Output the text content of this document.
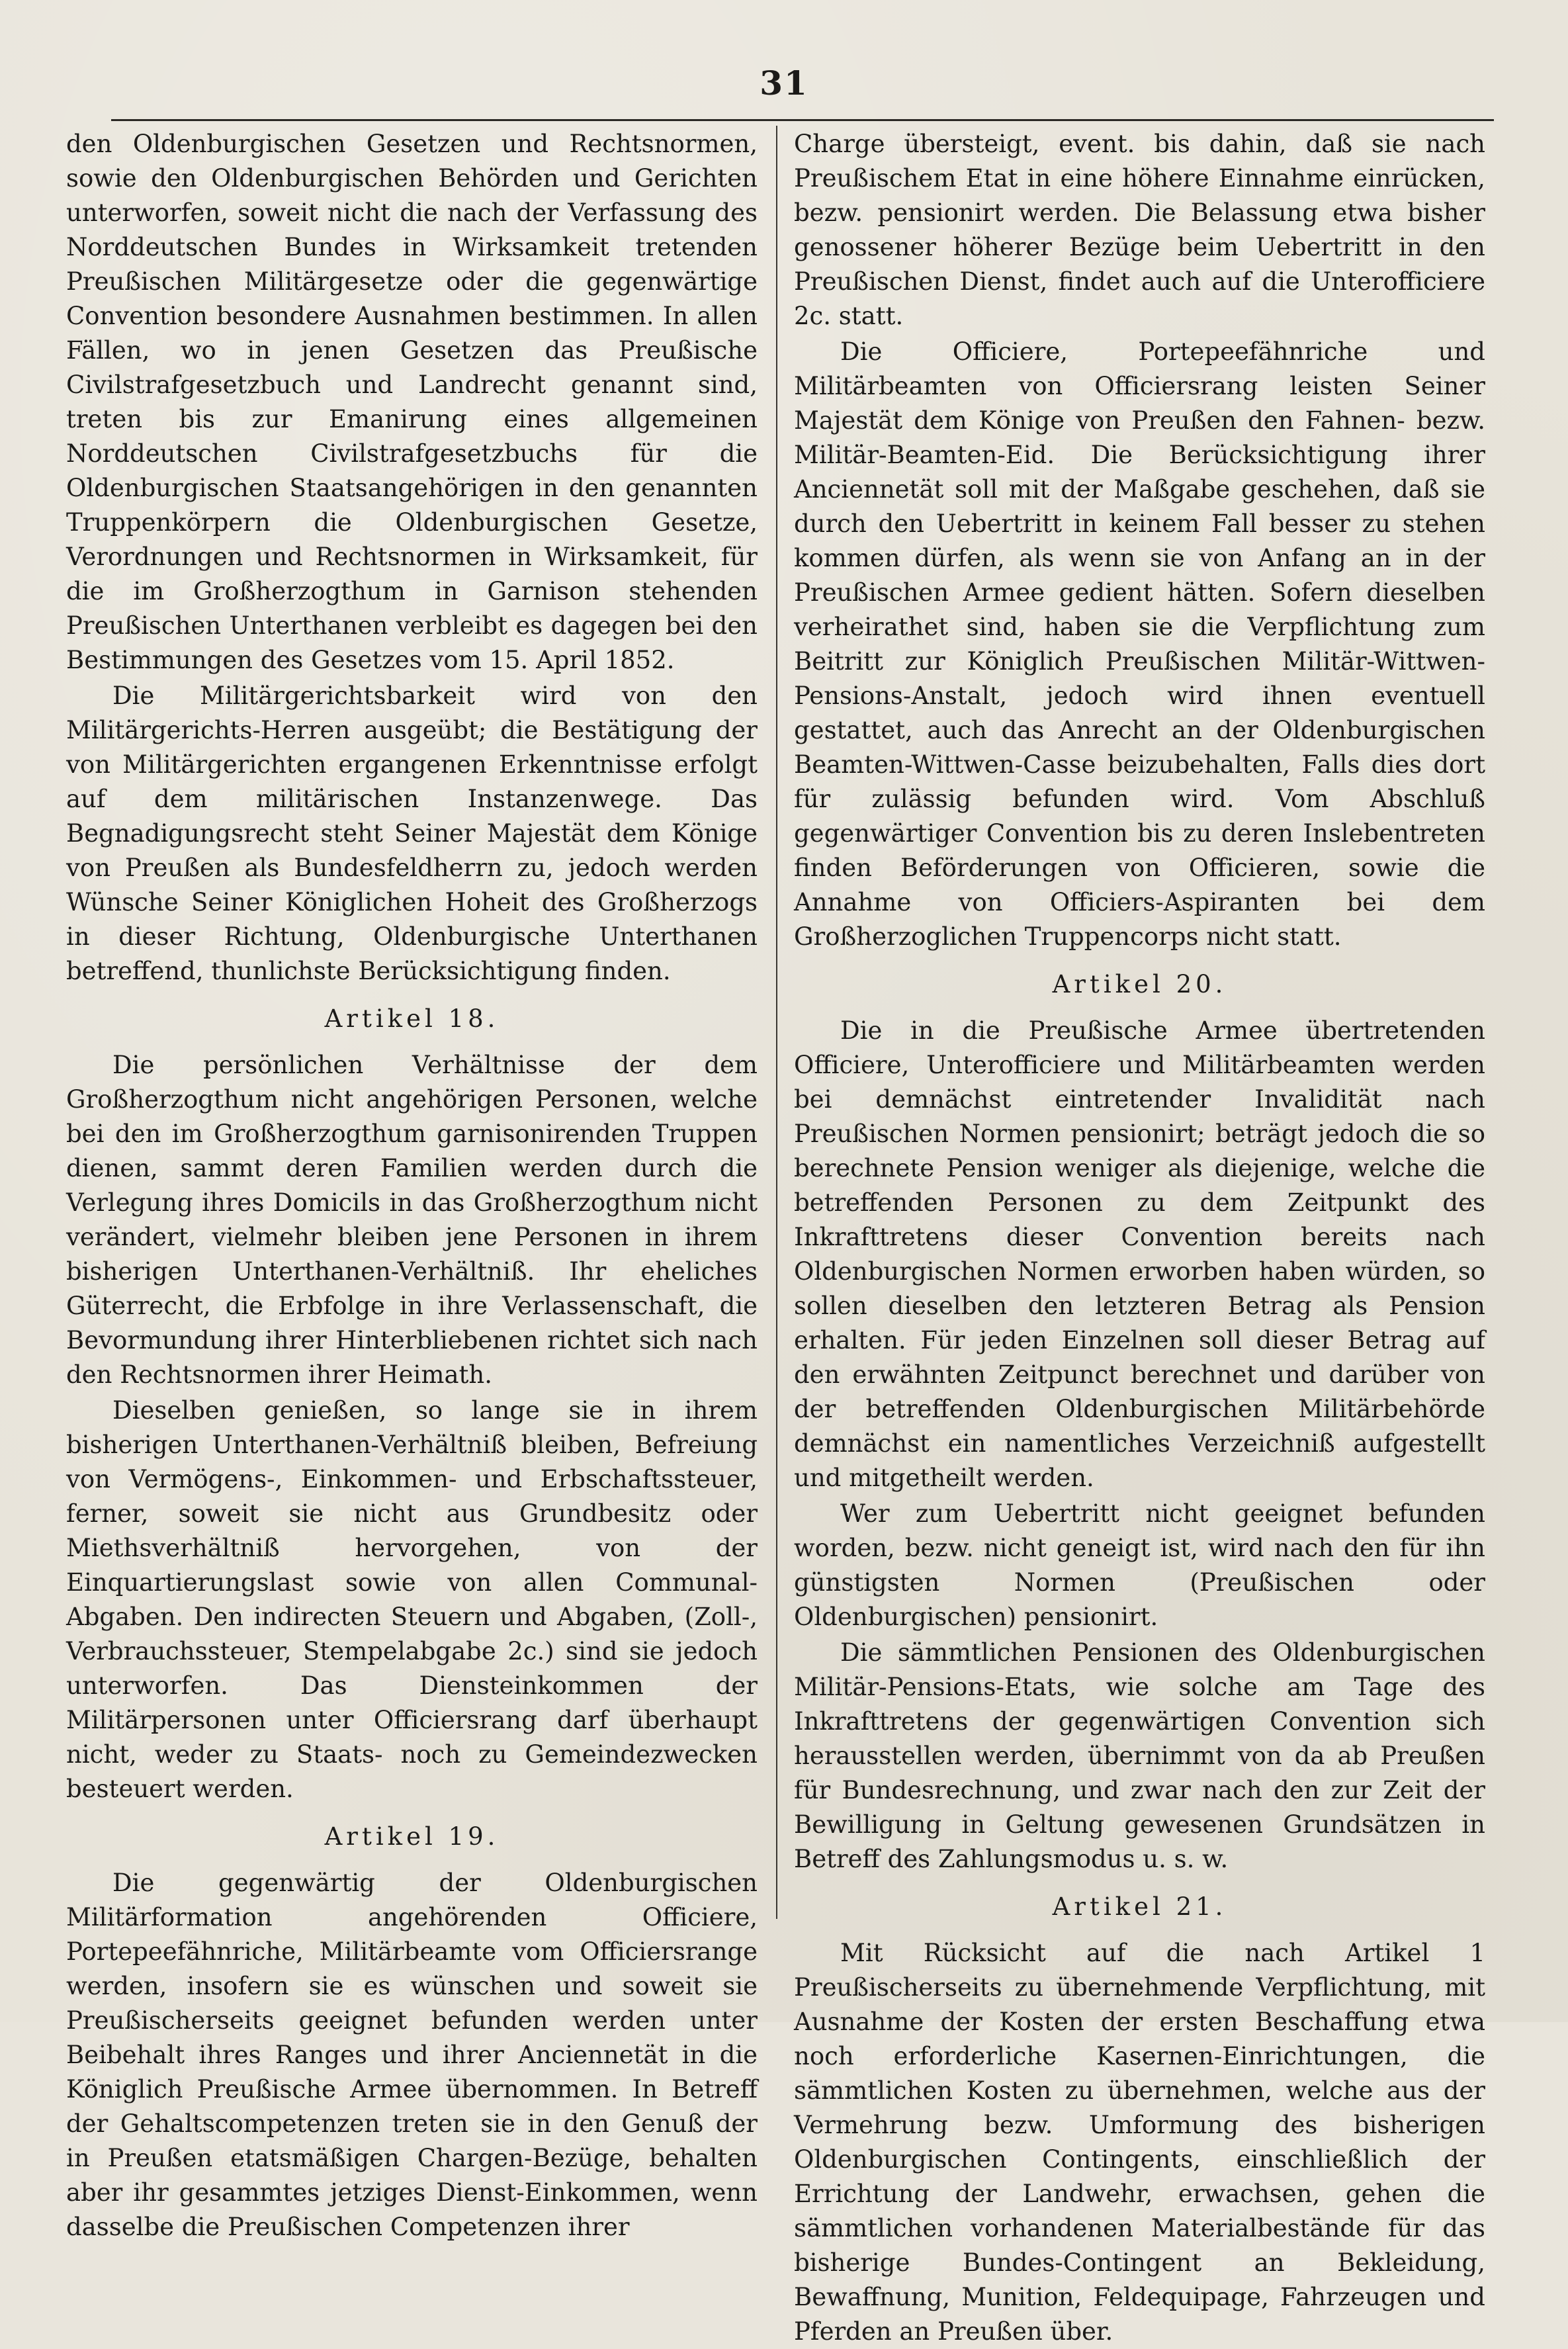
31

den Oldenburgischen Gesetzen und Rechtsnormen, sowie den Oldenburgischen Behörden und Gerichten unterworfen, soweit nicht die nach der Verfassung des Norddeutschen Bundes in Wirksamkeit tretenden Preußischen Militärgesetze oder die gegenwärtige Convention besondere Ausnahmen bestimmen. In allen Fällen, wo in jenen Gesetzen das Preußische Civilstrafgesetzbuch und Landrecht genannt sind, treten bis zur Emanirung eines allgemeinen Norddeutschen Civilstrafgesetzbuchs für die Oldenburgischen Staatsangehörigen in den genannten Truppenkörpern die Oldenburgischen Gesetze, Verordnungen und Rechtsnormen in Wirksamkeit, für die im Großherzogthum in Garnison stehenden Preußischen Unterthanen verbleibt es dagegen bei den Bestimmungen des Gesetzes vom 15. April 1852.

Die Militärgerichtsbarkeit wird von den Militärgerichts-Herren ausgeübt; die Bestätigung der von Militärgerichten ergangenen Erkenntnisse erfolgt auf dem militärischen Instanzenwege. Das Begnadigungsrecht steht Seiner Majestät dem Könige von Preußen als Bundesfeldherrn zu, jedoch werden Wünsche Seiner Königlichen Hoheit des Großherzogs in dieser Richtung, Oldenburgische Unterthanen betreffend, thunlichste Berücksichtigung finden.

Artikel 18.

Die persönlichen Verhältnisse der dem Großherzogthum nicht angehörigen Personen, welche bei den im Großherzogthum garnisonirenden Truppen dienen, sammt deren Familien werden durch die Verlegung ihres Domicils in das Großherzogthum nicht verändert, vielmehr bleiben jene Personen in ihrem bisherigen Unterthanen-Verhältniß. Ihr eheliches Güterrecht, die Erbfolge in ihre Verlassenschaft, die Bevormundung ihrer Hinterbliebenen richtet sich nach den Rechtsnormen ihrer Heimath.

Dieselben genießen, so lange sie in ihrem bisherigen Unterthanen-Verhältniß bleiben, Befreiung von Vermögens-, Einkommen- und Erbschaftssteuer, ferner, soweit sie nicht aus Grundbesitz oder Miethsverhältniß hervorgehen, von der Einquartierungslast sowie von allen Communal-Abgaben. Den indirecten Steuern und Abgaben, (Zoll-, Verbrauchssteuer, Stempelabgabe 2c.) sind sie jedoch unterworfen. Das Diensteinkommen der Militärpersonen unter Officiersrang darf überhaupt nicht, weder zu Staats- noch zu Gemeindezwecken besteuert werden.

Artikel 19.

Die gegenwärtig der Oldenburgischen Militärformation angehörenden Officiere, Portepeefähnriche, Militärbeamte vom Officiersrange werden, insofern sie es wünschen und soweit sie Preußischerseits geeignet befunden werden unter Beibehalt ihres Ranges und ihrer Anciennetät in die Königlich Preußische Armee übernommen. In Betreff der Gehaltscompetenzen treten sie in den Genuß der in Preußen etatsmäßigen Chargen-Bezüge, behalten aber ihr gesammtes jetziges Dienst-Einkommen, wenn dasselbe die Preußischen Competenzen ihrer

Charge übersteigt, event. bis dahin, daß sie nach Preußischem Etat in eine höhere Einnahme einrücken, bezw. pensionirt werden. Die Belassung etwa bisher genossener höherer Bezüge beim Uebertritt in den Preußischen Dienst, findet auch auf die Unterofficiere 2c. statt.

Die Officiere, Portepeefähnriche und Militärbeamten von Officiersrang leisten Seiner Majestät dem Könige von Preußen den Fahnen- bezw. Militär-Beamten-Eid. Die Berücksichtigung ihrer Anciennetät soll mit der Maßgabe geschehen, daß sie durch den Uebertritt in keinem Fall besser zu stehen kommen dürfen, als wenn sie von Anfang an in der Preußischen Armee gedient hätten. Sofern dieselben verheirathet sind, haben sie die Verpflichtung zum Beitritt zur Königlich Preußischen Militär-Wittwen-Pensions-Anstalt, jedoch wird ihnen eventuell gestattet, auch das Anrecht an der Oldenburgischen Beamten-Wittwen-Casse beizubehalten, Falls dies dort für zulässig befunden wird. Vom Abschluß gegenwärtiger Convention bis zu deren Inslebentreten finden Beförderungen von Officieren, sowie die Annahme von Officiers-Aspiranten bei dem Großherzoglichen Truppencorps nicht statt.

Artikel 20.

Die in die Preußische Armee übertretenden Officiere, Unterofficiere und Militärbeamten werden bei demnächst eintretender Invalidität nach Preußischen Normen pensionirt; beträgt jedoch die so berechnete Pension weniger als diejenige, welche die betreffenden Personen zu dem Zeitpunkt des Inkrafttretens dieser Convention bereits nach Oldenburgischen Normen erworben haben würden, so sollen dieselben den letzteren Betrag als Pension erhalten. Für jeden Einzelnen soll dieser Betrag auf den erwähnten Zeitpunct berechnet und darüber von der betreffenden Oldenburgischen Militärbehörde demnächst ein namentliches Verzeichniß aufgestellt und mitgetheilt werden.

Wer zum Uebertritt nicht geeignet befunden worden, bezw. nicht geneigt ist, wird nach den für ihn günstigsten Normen (Preußischen oder Oldenburgischen) pensionirt.

Die sämmtlichen Pensionen des Oldenburgischen Militär-Pensions-Etats, wie solche am Tage des Inkrafttretens der gegenwärtigen Convention sich herausstellen werden, übernimmt von da ab Preußen für Bundesrechnung, und zwar nach den zur Zeit der Bewilligung in Geltung gewesenen Grundsätzen in Betreff des Zahlungsmodus u. s. w.

Artikel 21.

Mit Rücksicht auf die nach Artikel 1 Preußischerseits zu übernehmende Verpflichtung, mit Ausnahme der Kosten der ersten Beschaffung etwa noch erforderliche Kasernen-Einrichtungen, die sämmtlichen Kosten zu übernehmen, welche aus der Vermehrung bezw. Umformung des bisherigen Oldenburgischen Contingents, einschließlich der Errichtung der Landwehr, erwachsen, gehen die sämmtlichen vorhandenen Materialbestände für das bisherige Bundes-Contingent an Bekleidung, Bewaffnung, Munition, Feldequipage, Fahrzeugen und Pferden an Preußen über.
